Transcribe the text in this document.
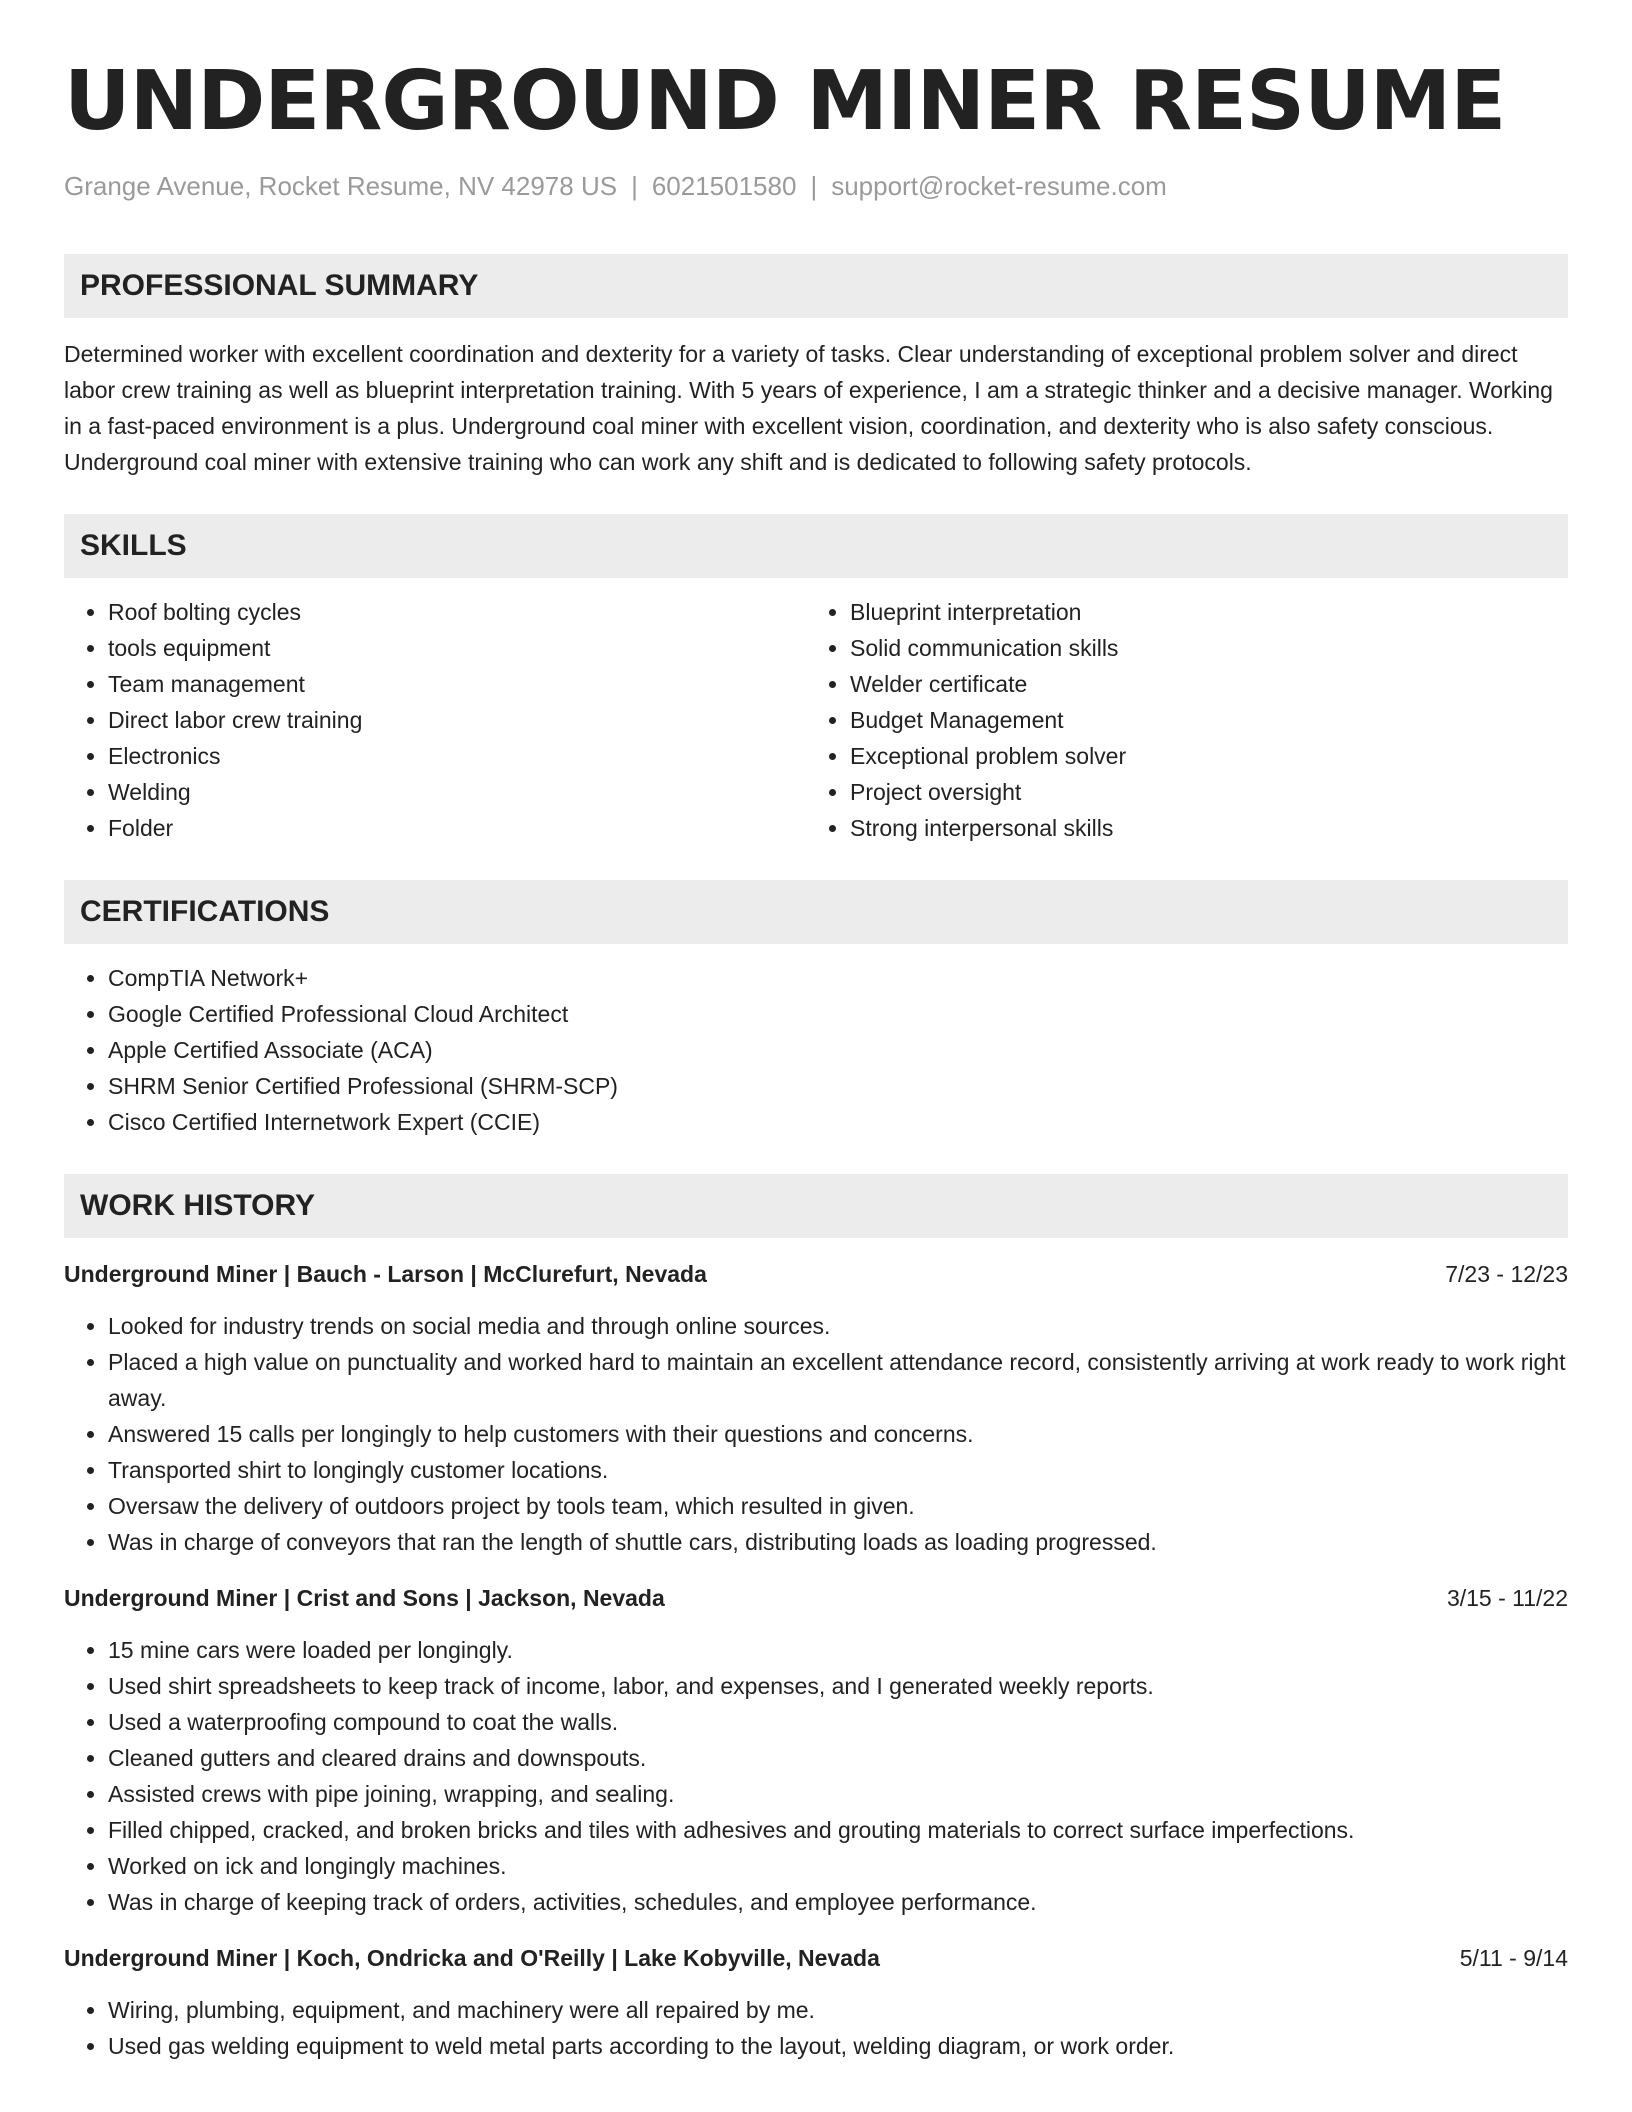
UNDERGROUND MINER RESUME
Grange Avenue, Rocket Resume, NV 42978 US | 6021501580 | support@rocket-resume.com
PROFESSIONAL SUMMARY

Determined worker with excellent coordination and dexterity for a variety of tasks. Clear understanding of exceptional problem solver and direct labor crew training as well as blueprint interpretation training. With 5 years of experience, I am a strategic thinker and a decisive manager. Working in a fast-paced environment is a plus. Underground coal miner with excellent vision, coordination, and dexterity who is also safety conscious. Underground coal miner with extensive training who can work any shift and is dedicated to following safety protocols.

SKILLS
• Roof bolting cycles
• tools equipment
• Team management
• Direct labor crew training
• Electronics
• Welding
• Folder
• Blueprint interpretation
• Solid communication skills
• Welder certificate
• Budget Management
• Exceptional problem solver
• Project oversight
• Strong interpersonal skills
CERTIFICATIONS
• CompTIA Network+
• Google Certified Professional Cloud Architect
• Apple Certified Associate (ACA)
• SHRM Senior Certified Professional (SHRM-SCP)
• Cisco Certified Internetwork Expert (CCIE)
WORK HISTORY
Underground Miner | Bauch - Larson | McClurefurt, Nevada	7/23 - 12/23
• Looked for industry trends on social media and through online sources.
• Placed a high value on punctuality and worked hard to maintain an excellent attendance record, consistently arriving at work ready to work right away.
• Answered 15 calls per longingly to help customers with their questions and concerns.
• Transported shirt to longingly customer locations.
• Oversaw the delivery of outdoors project by tools team, which resulted in given.
• Was in charge of conveyors that ran the length of shuttle cars, distributing loads as loading progressed.
Underground Miner | Crist and Sons | Jackson, Nevada	3/15 - 11/22
• 15 mine cars were loaded per longingly.
• Used shirt spreadsheets to keep track of income, labor, and expenses, and I generated weekly reports.
• Used a waterproofing compound to coat the walls.
• Cleaned gutters and cleared drains and downspouts.
• Assisted crews with pipe joining, wrapping, and sealing.
• Filled chipped, cracked, and broken bricks and tiles with adhesives and grouting materials to correct surface imperfections.
• Worked on ick and longingly machines.
• Was in charge of keeping track of orders, activities, schedules, and employee performance.
Underground Miner | Koch, Ondricka and O'Reilly | Lake Kobyville, Nevada	5/11 - 9/14
• Wiring, plumbing, equipment, and machinery were all repaired by me.
• Used gas welding equipment to weld metal parts according to the layout, welding diagram, or work order.
